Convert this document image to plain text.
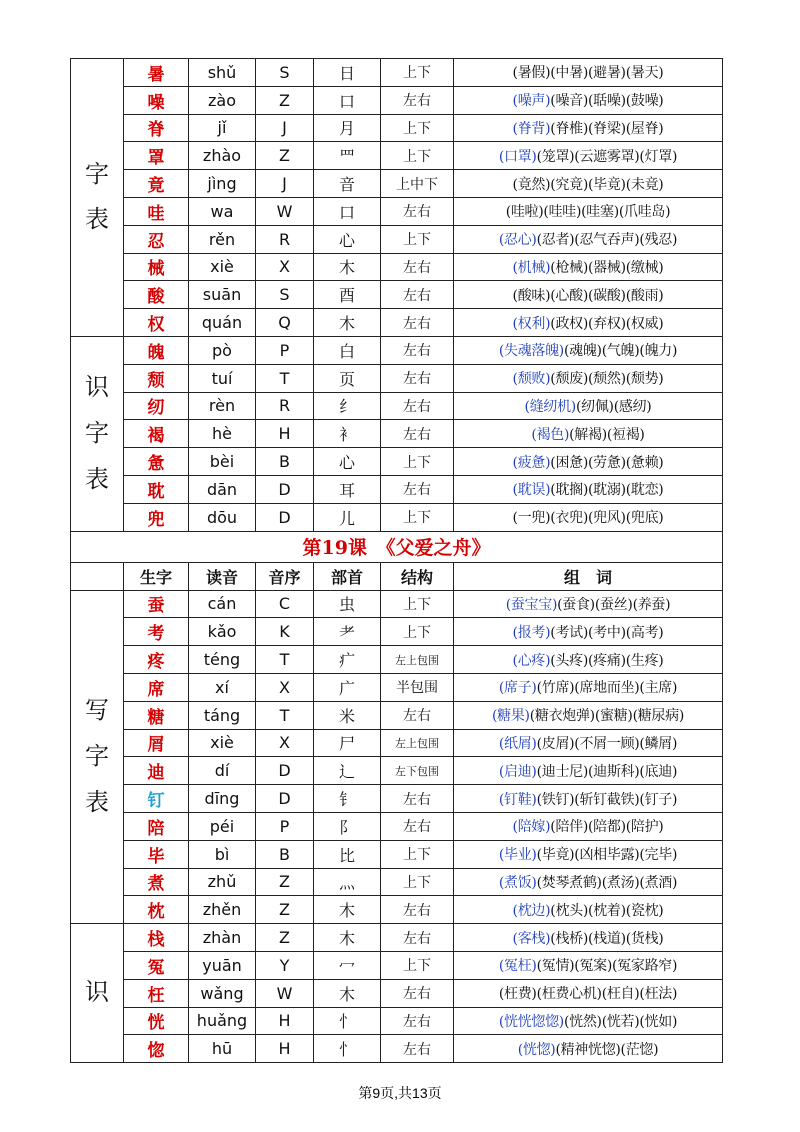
字
表	暑	shǔ	S	日	上下	(暑假)(中暑)(避暑)(暑天)
	噪	zào	Z	口	左右	(噪声)(噪音)(聒噪)(鼓噪)
	脊	jǐ	J	月	上下	(脊背)(脊椎)(脊梁)(屋脊)
	罩	zhào	Z	罒	上下	(口罩)(笼罩)(云遮雾罩)(灯罩)
	竟	jìng	J	音	上中下	(竟然)(究竟)(毕竟)(未竟)
	哇	wa	W	口	左右	(哇啦)(哇哇)(哇塞)(爪哇岛)
	忍	rěn	R	心	上下	(忍心)(忍者)(忍气吞声)(残忍)
	械	xiè	X	木	左右	(机械)(枪械)(器械)(缴械)
	酸	suān	S	酉	左右	(酸味)(心酸)(碳酸)(酸雨)
	权	quán	Q	木	左右	(权利)(政权)(弃权)(权威)

识
字
表	魄	pò	P	白	左右	(失魂落魄)(魂魄)(气魄)(魄力)
	颓	tuí	T	页	左右	(颓败)(颓废)(颓然)(颓势)
	纫	rèn	R	纟	左右	(缝纫机)(纫佩)(感纫)
	褐	hè	H	衤	左右	(褐色)(解褐)(裋褐)
	惫	bèi	B	心	上下	(疲惫)(困惫)(劳惫)(惫赖)
	耽	dān	D	耳	左右	(耽误)(耽搁)(耽溺)(耽恋)
	兜	dōu	D	儿	上下	(一兜)(衣兜)(兜风)(兜底)
第19课　《父爱之舟》						
	生字	读音	音序	部首	结构	组　词

写
字
表	蚕	cán	C	虫	上下	(蚕宝宝)(蚕食)(蚕丝)(养蚕)
	考	kǎo	K	耂	上下	(报考)(考试)(考中)(高考)
	疼	téng	T	疒	左上包围	(心疼)(头疼)(疼痛)(生疼)
	席	xí	X	广	半包围	(席子)(竹席)(席地而坐)(主席)
	糖	táng	T	米	左右	(糖果)(糖衣炮弹)(蜜糖)(糖尿病)
	屑	xiè	X	尸	左上包围	(纸屑)(皮屑)(不屑一顾)(鳞屑)
	迪	dí	D	辶	左下包围	(启迪)(迪士尼)(迪斯科)(底迪)
	钉	dīng	D	钅	左右	(钉鞋)(铁钉)(斩钉截铁)(钉子)
	陪	péi	P	阝	左右	(陪嫁)(陪伴)(陪都)(陪护)
	毕	bì	B	比	上下	(毕业)(毕竟)(凶相毕露)(完毕)
	煮	zhǔ	Z	灬	上下	(煮饭)(焚琴煮鹤)(煮汤)(煮酒)
	枕	zhěn	Z	木	左右	(枕边)(枕头)(枕着)(瓷枕)

识	栈	zhàn	Z	木	左右	(客栈)(栈桥)(栈道)(货栈)
	冤	yuān	Y	冖	上下	(冤枉)(冤情)(冤案)(冤家路窄)
	枉	wǎng	W	木	左右	(枉费)(枉费心机)(枉自)(枉法)
	恍	huǎng	H	忄	左右	(恍恍惚惚)(恍然)(恍若)(恍如)
	惚	hū	H	忄	左右	(恍惚)(精神恍惚)(茫惚)
第9页,共13页
